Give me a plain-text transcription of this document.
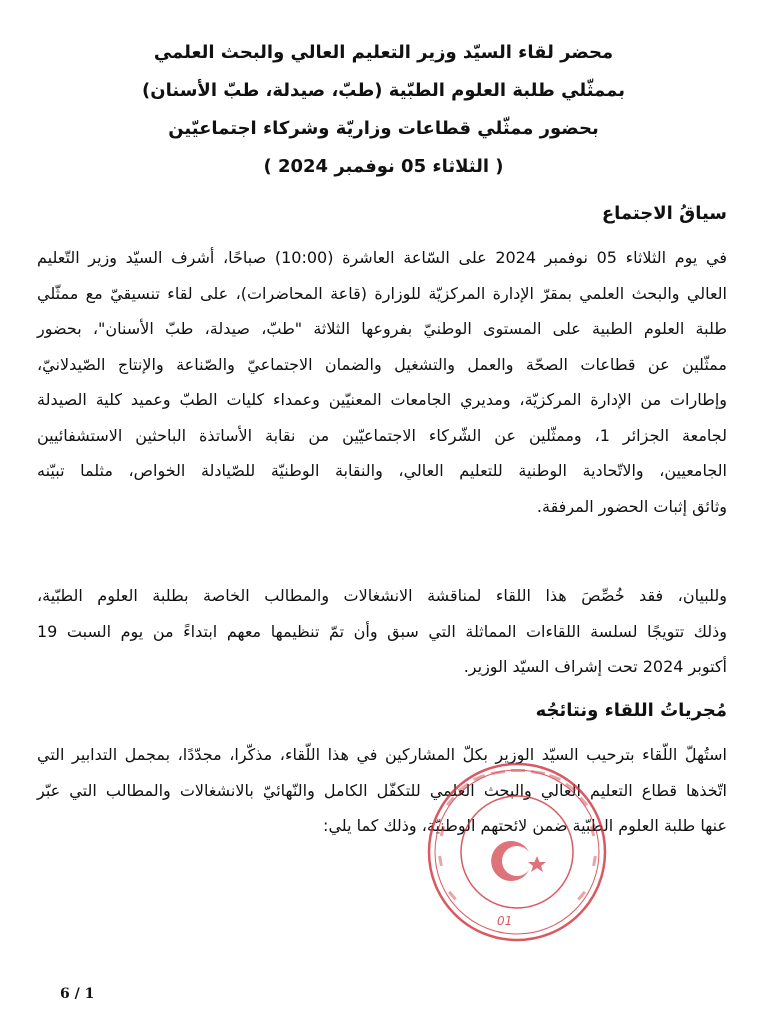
محضر لقاء السيّد وزير التعليم العالي والبحث العلمي
بممثّلي طلبة العلوم الطبّية (طبّ، صيدلة، طبّ الأسنان)
بحضور ممثّلي قطاعات وزاريّة وشركاء اجتماعيّين
( الثلاثاء 05 نوفمبر 2024 )
سياقُ الاجتماع
في يوم الثلاثاء 05 نوفمبر 2024 على السّاعة العاشرة (10:00) صباحًا، أشرف السيّد وزير التّعليم
العالي والبحث العلمي بمقرّ الإدارة المركزيّة للوزارة (قاعة المحاضرات)، على لقاء تنسيقيّ مع ممثّلي
طلبة العلوم الطبية على المستوى الوطنيّ بفروعها الثلاثة "طبّ، صيدلة، طبّ الأسنان"، بحضور
ممثّلين عن قطاعات الصحّة والعمل والتشغيل والضمان الاجتماعيّ والصّناعة والإنتاج الصّيدلانيّ،
وإطارات من الإدارة المركزيّة، ومديري الجامعات المعنيّين وعمداء كليات الطبّ وعميد كلية الصيدلة
لجامعة الجزائر 1، وممثّلين عن الشّركاء الاجتماعيّين من نقابة الأساتذة الباحثين الاستشفائيين
الجامعيين، والاتّحادية الوطنية للتعليم العالي، والنقابة الوطنيّة للصّيادلة الخواص، مثلما تبيّنه
وثائق إثبات الحضور المرفقة.
وللبيان، فقد خُصِّصَ هذا اللقاء لمناقشة الانشغالات والمطالب الخاصة بطلبة العلوم الطبّية،
وذلك تتويجًا لسلسة اللقاءات المماثلة التي سبق وأن تمّ تنظيمها معهم ابتداءً من يوم السبت 19
أكتوبر 2024 تحت إشراف السيّد الوزير.
مُجرياتُ اللقاء ونتائجُه
استُهلّ اللّقاء بترحيب السيّد الوزير بكلّ المشاركين في هذا اللّقاء، مذكّرا، مجدّدًا، بمجمل التدابير التي
اتّخذها قطاع التعليم العالي والبحث العلمي للتكفّل الكامل والنّهائيّ بالانشغالات والمطالب التي عبّر
عنها طلبة العلوم الطبّية ضمن لائحتهم الوطنيّة، وذلك كما يلي:
01
6 / 1
